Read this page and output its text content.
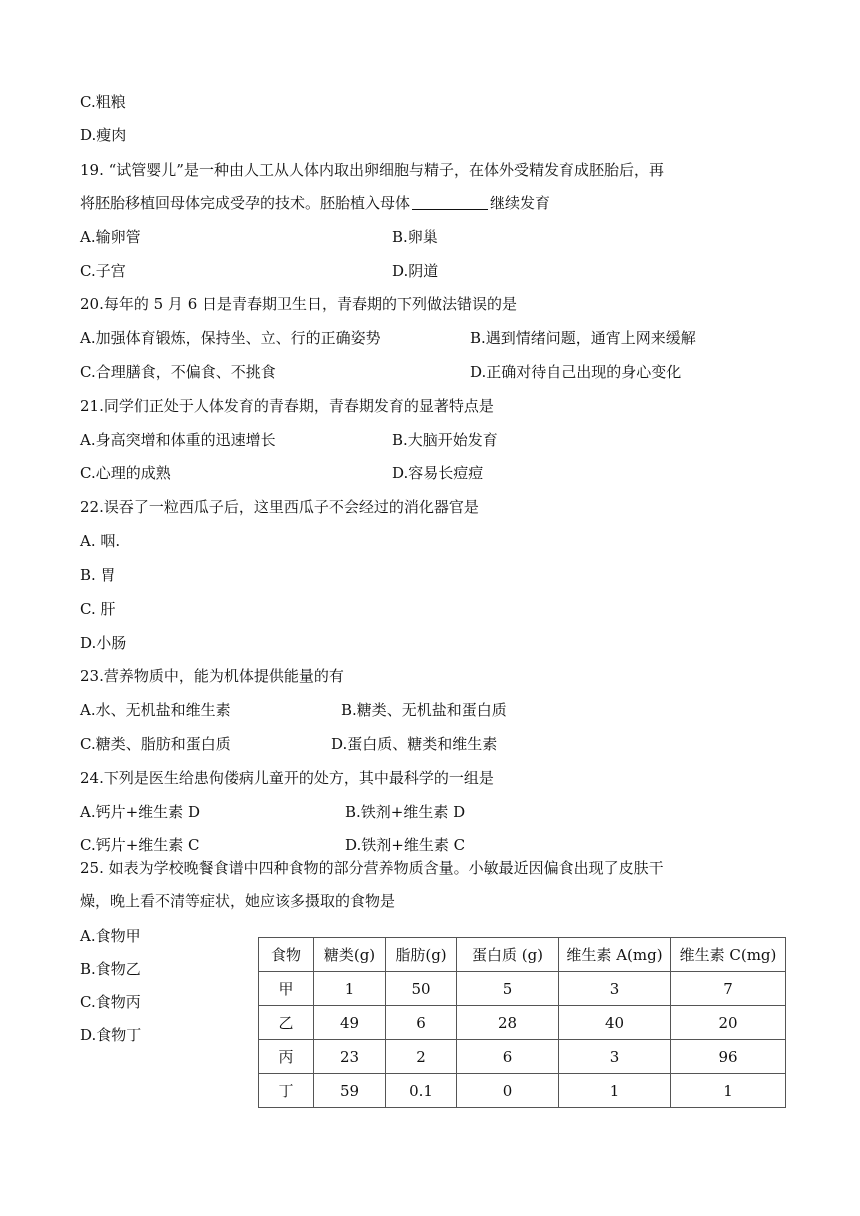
C.粗粮
D.瘦肉
19. “试管婴儿”是一种由人工从人体内取出卵细胞与精子，在体外受精发育成胚胎后，再
将胚胎移植回母体完成受孕的技术。胚胎植入母体	继续发育
A.输卵管	B.卵巢
C.子宫	D.阴道
20.每年的 5 月 6 日是青春期卫生日，青春期的下列做法错误的是
A.加强体育锻炼，保持坐、立、行的正确姿势	B.遇到情绪问题，通宵上网来缓解
C.合理膳食，不偏食、不挑食	D.正确对待自己出现的身心变化
21.同学们正处于人体发育的青春期，青春期发育的显著特点是
A.身高突增和体重的迅速增长	B.大脑开始发育
C.心理的成熟	D.容易长痘痘
22.误吞了一粒西瓜子后，这里西瓜子不会经过的消化器官是
A. 咽.
B. 胃
C. 肝
D.小肠
23.营养物质中，能为机体提供能量的有
A.水、无机盐和维生素	B.糖类、无机盐和蛋白质
C.糖类、脂肪和蛋白质	D.蛋白质、糖类和维生素
24.下列是医生给患佝偻病儿童开的处方，其中最科学的一组是
A.钙片+维生素 D	B.铁剂+维生素 D
C.钙片+维生素 C	D.铁剂+维生素 C
25. 如表为学校晚餐食谱中四种食物的部分营养物质含量。小敏最近因偏食出现了皮肤干
燥，晚上看不清等症状，她应该多摄取的食物是
A.食物甲
B.食物乙
C.食物丙
D.食物丁
食物	糖类(g)	脂肪(g)	蛋白质 (g)	维生素 A(mg)	维生素 C(mg)
甲	1	50	5	3	7
乙	49	6	28	40	20
丙	23	2	6	3	96
丁	59	0.1	0	1	1
